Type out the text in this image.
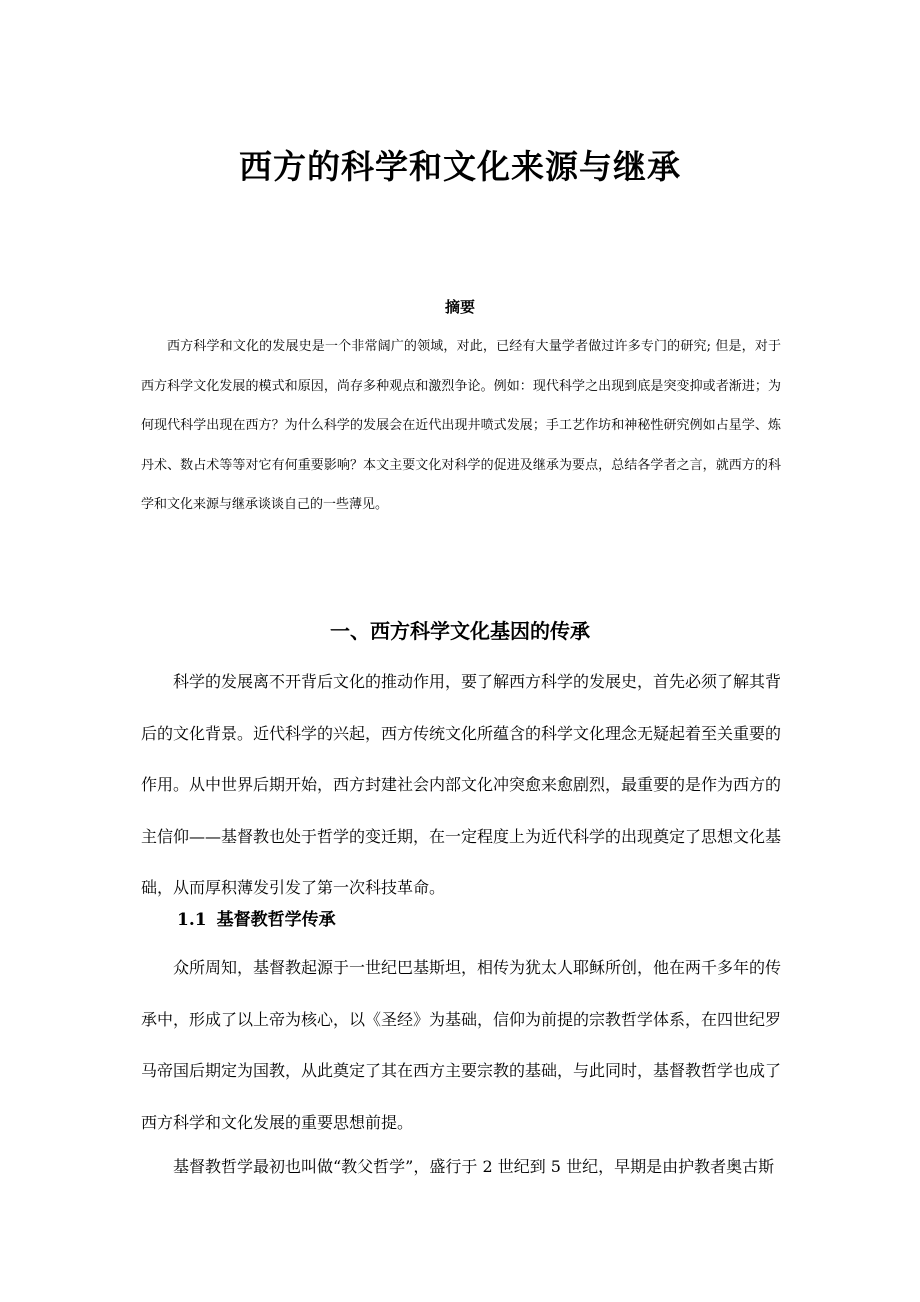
西方的科学和文化来源与继承
摘要

西方科学和文化的发展史是一个非常阔广的领域，对此，已经有大量学者做过许多专门的研究; 但是，对于西方科学文化发展的模式和原因，尚存多种观点和激烈争论。例如：现代科学之出现到底是突变抑或者渐进；为何现代科学出现在西方？为什么科学的发展会在近代出现井喷式发展；手工艺作坊和神秘性研究例如占星学、炼丹术、数占术等等对它有何重要影响？本文主要文化对科学的促进及继承为要点，总结各学者之言，就西方的科学和文化来源与继承谈谈自己的一些薄见。

一、西方科学文化基因的传承

科学的发展离不开背后文化的推动作用，要了解西方科学的发展史，首先必须了解其背后的文化背景。近代科学的兴起，西方传统文化所蕴含的科学文化理念无疑起着至关重要的作用。从中世界后期开始，西方封建社会内部文化冲突愈来愈剧烈，最重要的是作为西方的主信仰——基督教也处于哲学的变迁期，在一定程度上为近代科学的出现奠定了思想文化基础，从而厚积薄发引发了第一次科技革命。

1.1 基督教哲学传承

众所周知，基督教起源于一世纪巴基斯坦，相传为犹太人耶稣所创，他在两千多年的传承中，形成了以上帝为核心，以《圣经》为基础，信仰为前提的宗教哲学体系，在四世纪罗马帝国后期定为国教，从此奠定了其在西方主要宗教的基础，与此同时，基督教哲学也成了西方科学和文化发展的重要思想前提。

基督教哲学最初也叫做“教父哲学”，盛行于 2 世纪到 5 世纪，早期是由护教者奥古斯
